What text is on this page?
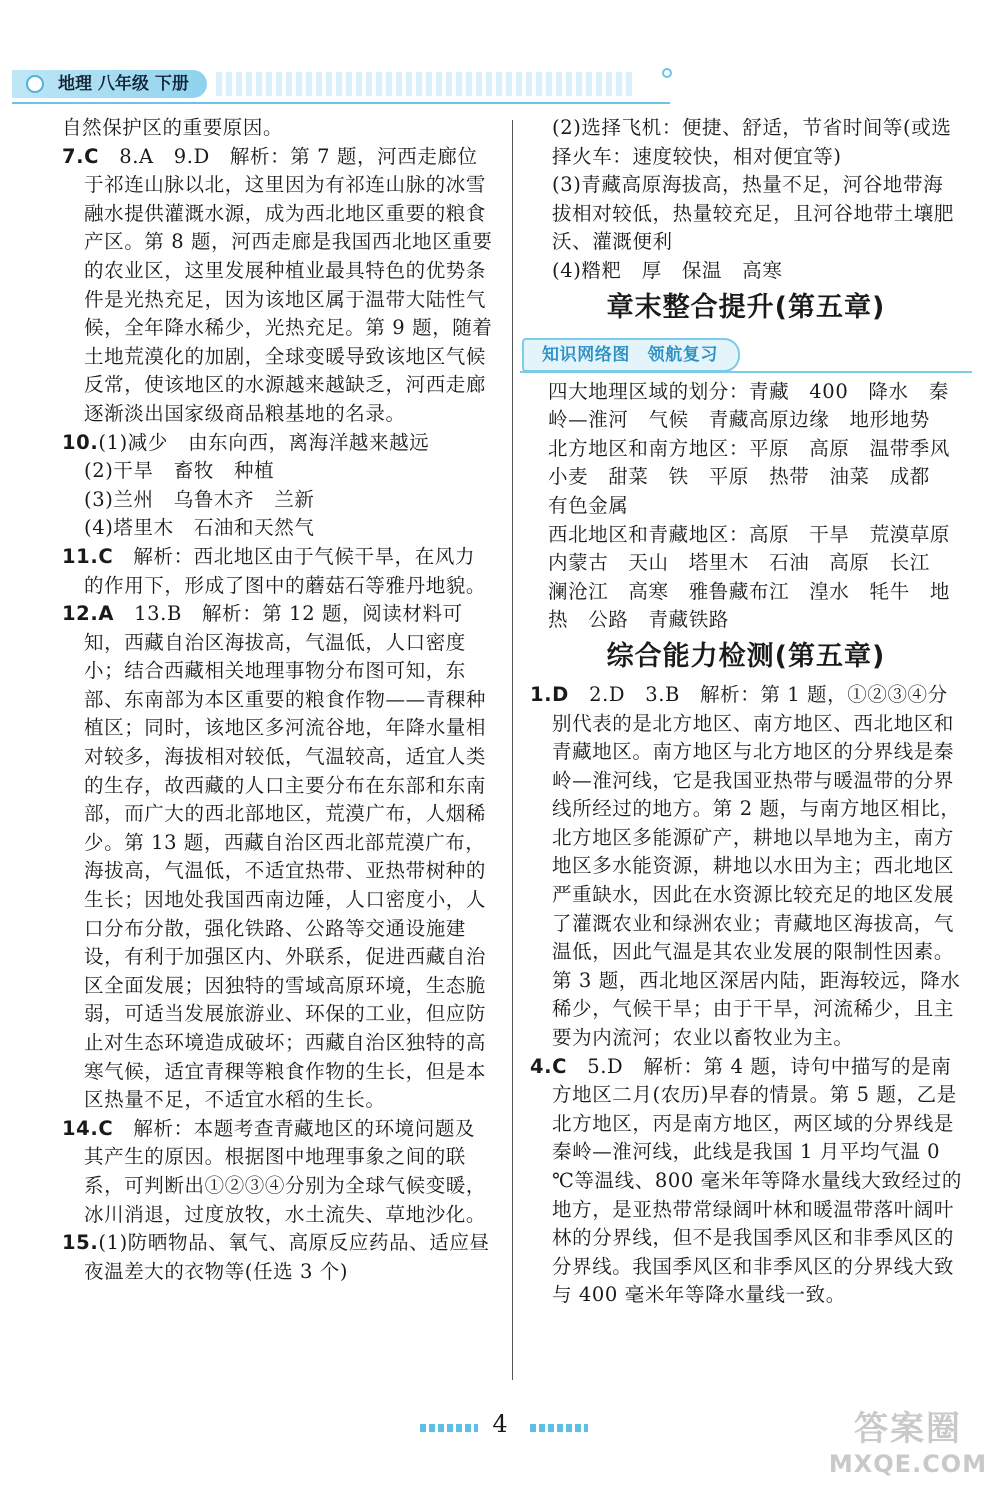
地理 八年级 下册

自然保护区的重要原因。

7.C　8.A　9.D　解析：第 7 题，河西走廊位于祁连山脉以北，这里因为有祁连山脉的冰雪融水提供灌溉水源，成为西北地区重要的粮食产区。第 8 题，河西走廊是我国西北地区重要的农业区，这里发展种植业最具特色的优势条件是光热充足，因为该地区属于温带大陆性气候，全年降水稀少，光热充足。第 9 题，随着土地荒漠化的加剧，全球变暖导致该地区气候反常，使该地区的水源越来越缺乏，河西走廊逐渐淡出国家级商品粮基地的名录。

10.(1)减少　由东向西，离海洋越来越远

(2)干旱　畜牧　种植

(3)兰州　乌鲁木齐　兰新

(4)塔里木　石油和天然气

11.C　解析：西北地区由于气候干旱，在风力的作用下，形成了图中的蘑菇石等雅丹地貌。

12.A　13.B　解析：第 12 题，阅读材料可知，西藏自治区海拔高，气温低，人口密度小；结合西藏相关地理事物分布图可知，东部、东南部为本区重要的粮食作物——青稞种植区；同时，该地区多河流谷地，年降水量相对较多，海拔相对较低，气温较高，适宜人类的生存，故西藏的人口主要分布在东部和东南部，而广大的西北部地区，荒漠广布，人烟稀少。第 13 题，西藏自治区西北部荒漠广布，海拔高，气温低，不适宜热带、亚热带树种的生长；因地处我国西南边陲，人口密度小，人口分布分散，强化铁路、公路等交通设施建设，有利于加强区内、外联系，促进西藏自治区全面发展；因独特的雪域高原环境，生态脆弱，可适当发展旅游业、环保的工业，但应防止对生态环境造成破坏；西藏自治区独特的高寒气候，适宜青稞等粮食作物的生长，但是本区热量不足，不适宜水稻的生长。

14.C　解析：本题考查青藏地区的环境问题及其产生的原因。根据图中地理事象之间的联系，可判断出①②③④分别为全球气候变暖，冰川消退，过度放牧，水土流失、草地沙化。

15.(1)防晒物品、氧气、高原反应药品、适应昼夜温差大的衣物等(任选 3 个)

(2)选择飞机：便捷、舒适，节省时间等(或选择火车：速度较快，相对便宜等)

(3)青藏高原海拔高，热量不足，河谷地带海拔相对较低，热量较充足，且河谷地带土壤肥沃、灌溉便利

(4)糌粑　厚　保温　高寒

章末整合提升(第五章)
知识网络图　领航复习

四大地理区域的划分：青藏　400　降水　秦岭—淮河　气候　青藏高原边缘　地形地势

北方地区和南方地区：平原　高原　温带季风　小麦　甜菜　铁　平原　热带　油菜　成都　有色金属

西北地区和青藏地区：高原　干旱　荒漠草原　内蒙古　天山　塔里木　石油　高原　长江　澜沧江　高寒　雅鲁藏布江　湟水　牦牛　地热　公路　青藏铁路

综合能力检测(第五章)

1.D　2.D　3.B　解析：第 1 题，①②③④分别代表的是北方地区、南方地区、西北地区和青藏地区。南方地区与北方地区的分界线是秦岭—淮河线，它是我国亚热带与暖温带的分界线所经过的地方。第 2 题，与南方地区相比，北方地区多能源矿产，耕地以旱地为主，南方地区多水能资源，耕地以水田为主；西北地区严重缺水，因此在水资源比较充足的地区发展了灌溉农业和绿洲农业；青藏地区海拔高，气温低，因此气温是其农业发展的限制性因素。第 3 题，西北地区深居内陆，距海较远，降水稀少，气候干旱；由于干旱，河流稀少，且主要为内流河；农业以畜牧业为主。

4.C　5.D　解析：第 4 题，诗句中描写的是南方地区二月(农历)早春的情景。第 5 题，乙是北方地区，丙是南方地区，两区域的分界线是秦岭—淮河线，此线是我国 1 月平均气温 0 ℃等温线、800 毫米年等降水量线大致经过的地方，是亚热带常绿阔叶林和暖温带落叶阔叶林的分界线，但不是我国季风区和非季风区的分界线。我国季风区和非季风区的分界线大致与 400 毫米年等降水量线一致。

4	答案圈
MXQE.COM
